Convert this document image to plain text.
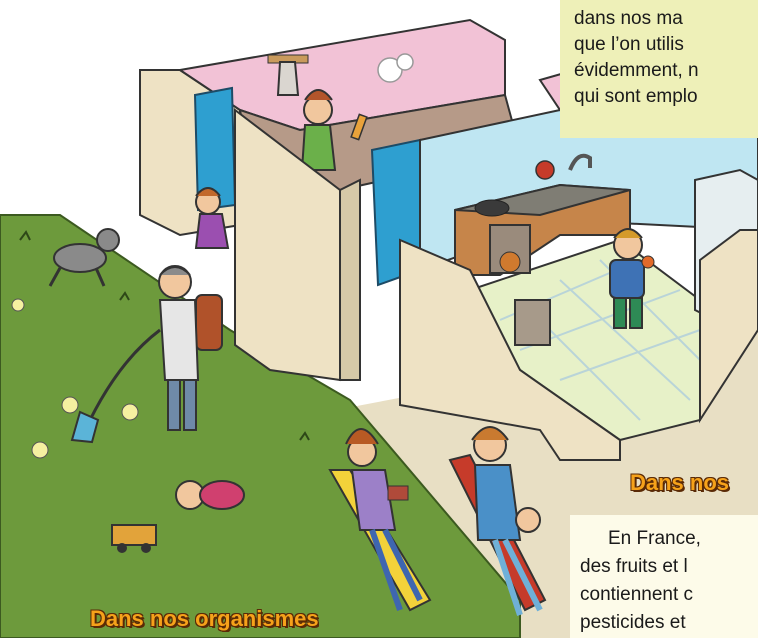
dans nos ma
que l’on utilis
évidemment, n
qui sont emplo
Dans nos
En France,
des fruits et l
contiennent c
pesticides et
Dans nos organismes
